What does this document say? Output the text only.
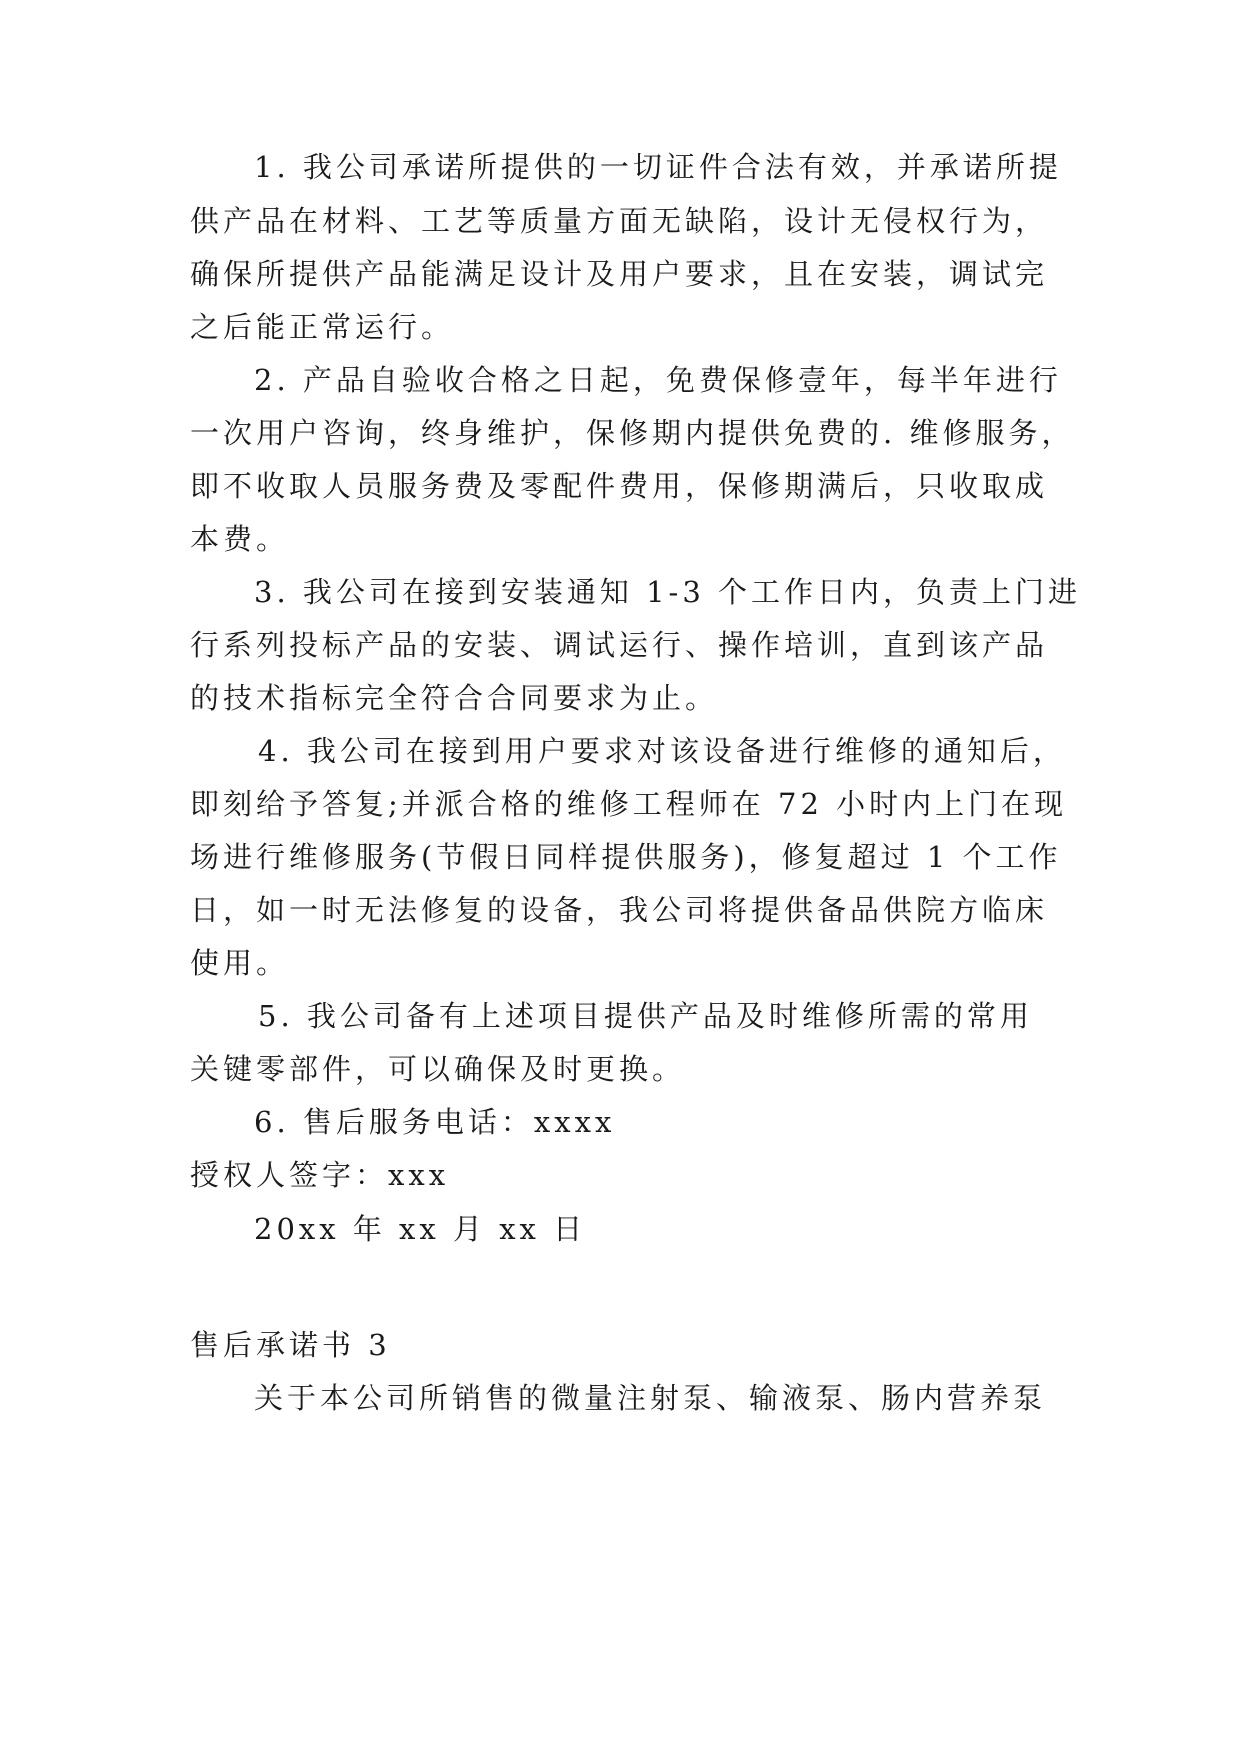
1. 我公司承诺所提供的一切证件合法有效，并承诺所提
供产品在材料、工艺等质量方面无缺陷，设计无侵权行为，
确保所提供产品能满足设计及用户要求，且在安装，调试完
之后能正常运行。
2. 产品自验收合格之日起，免费保修壹年，每半年进行
一次用户咨询，终身维护，保修期内提供免费的. 维修服务，
即不收取人员服务费及零配件费用，保修期满后，只收取成
本费。
3. 我公司在接到安装通知 1-3 个工作日内，负责上门进
行系列投标产品的安装、调试运行、操作培训，直到该产品
的技术指标完全符合合同要求为止。
4. 我公司在接到用户要求对该设备进行维修的通知后，
即刻给予答复;并派合格的维修工程师在 72 小时内上门在现
场进行维修服务(节假日同样提供服务)，修复超过 1 个工作
日，如一时无法修复的设备，我公司将提供备品供院方临床
使用。
5. 我公司备有上述项目提供产品及时维修所需的常用
关键零部件，可以确保及时更换。
6. 售后服务电话：xxxx
授权人签字：xxx
20xx 年 xx 月 xx 日
售后承诺书 3
关于本公司所销售的微量注射泵、输液泵、肠内营养泵
